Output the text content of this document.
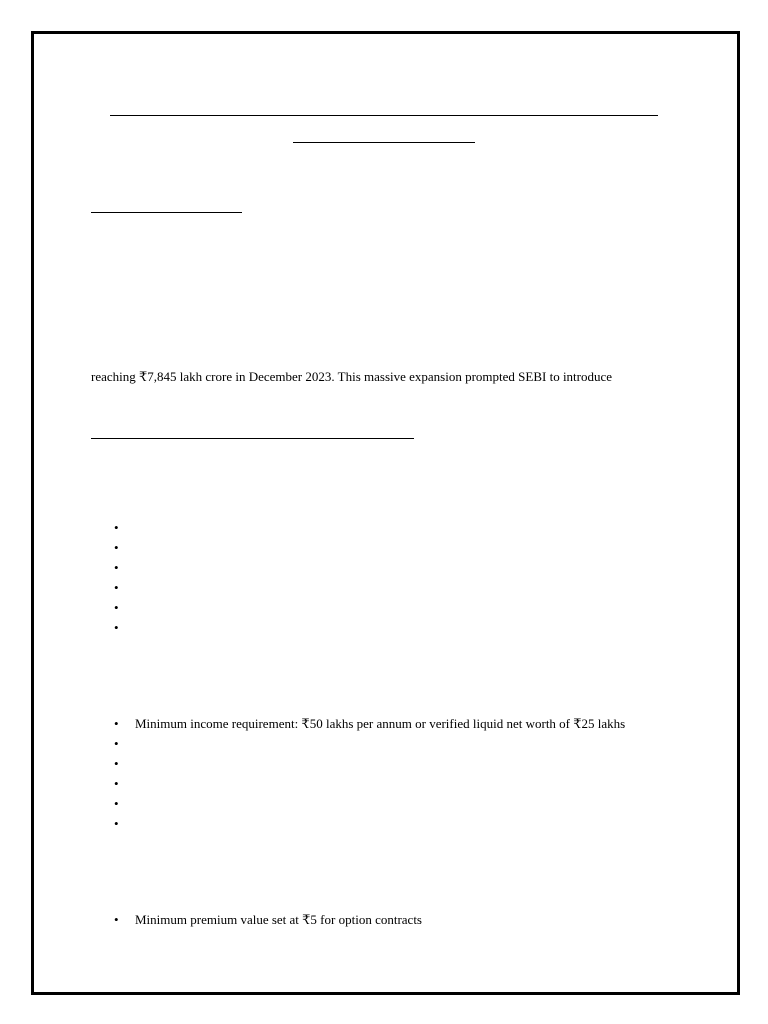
reaching ₹7,845 lakh crore in December 2023. This massive expansion prompted SEBI to introduce
•
•
•
•
•
•
• Minimum income requirement: ₹50 lakhs per annum or verified liquid net worth of ₹25 lakhs
•
•
•
•
•
• Minimum premium value set at ₹5 for option contracts
